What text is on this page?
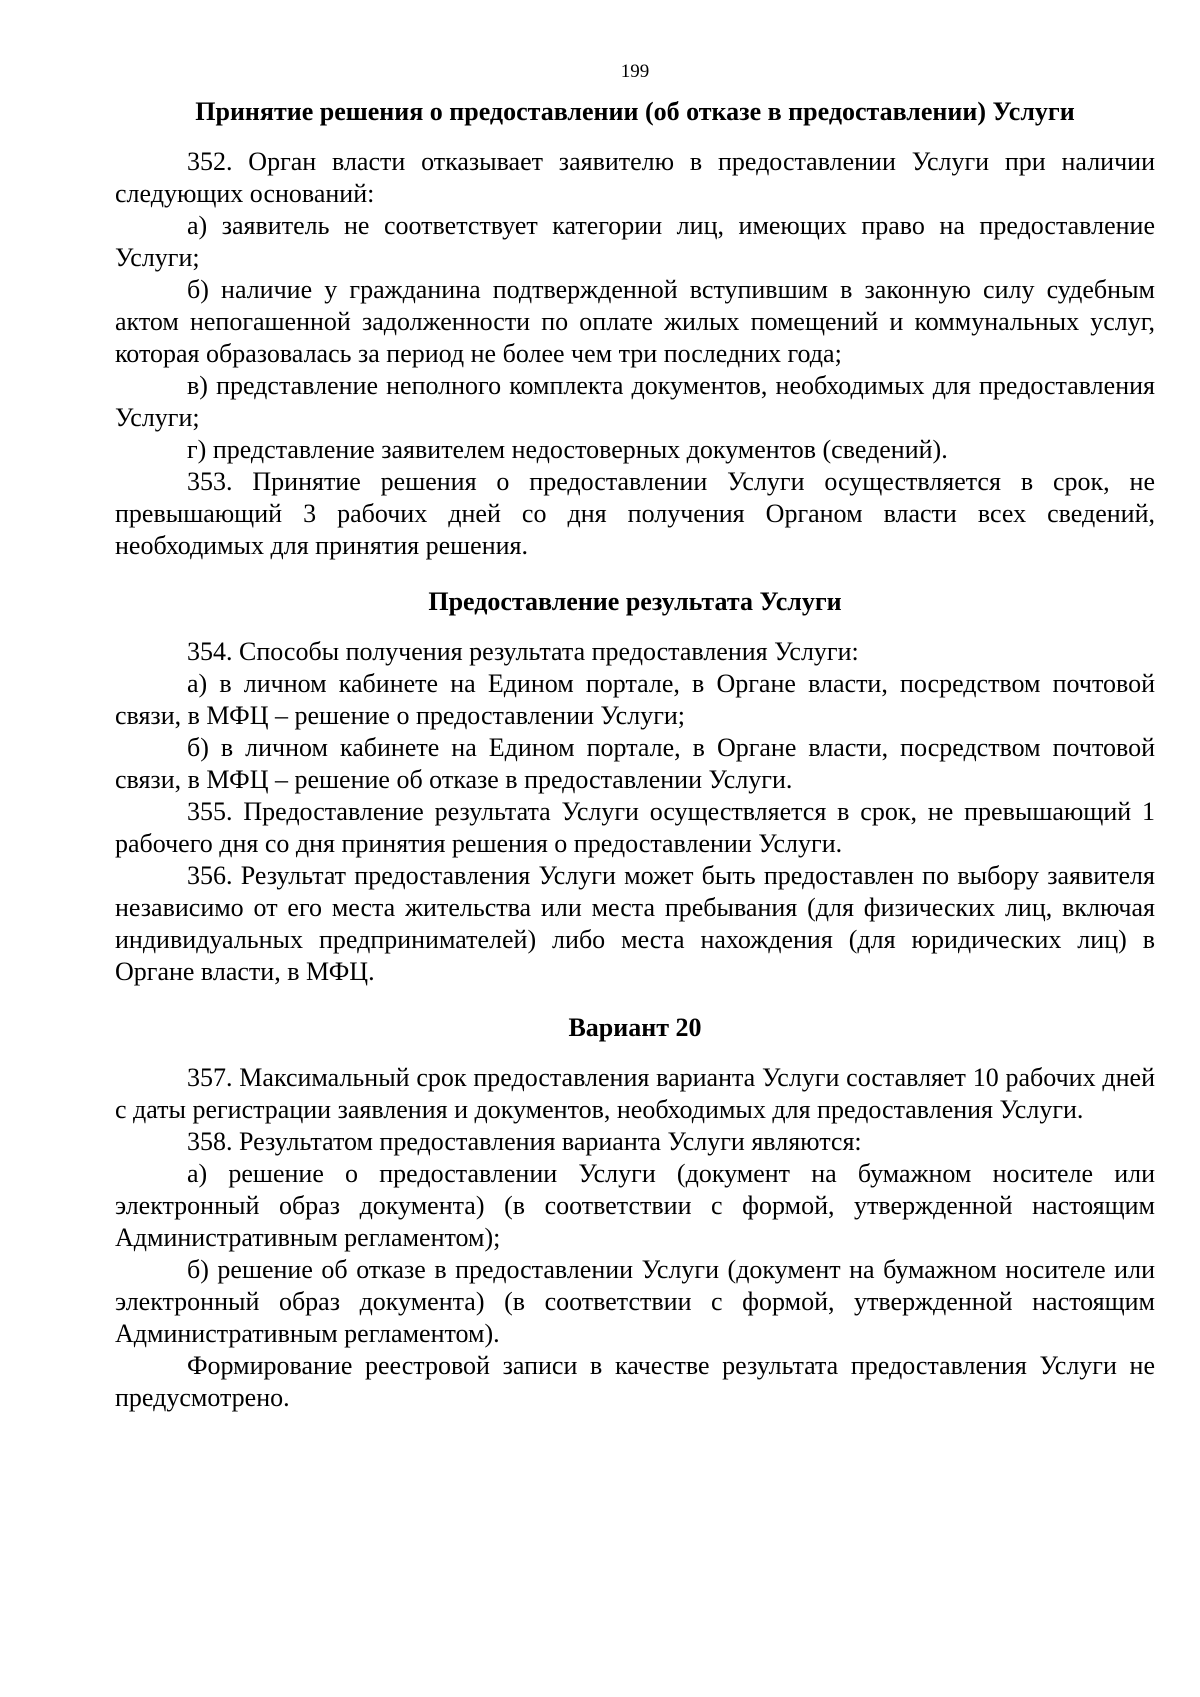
199
Принятие решения о предоставлении (об отказе в предоставлении) Услуги

352. Орган власти отказывает заявителю в предоставлении Услуги при наличии следующих оснований:

а) заявитель не соответствует категории лиц, имеющих право на предоставление Услуги;

б) наличие у гражданина подтвержденной вступившим в законную силу судебным актом непогашенной задолженности по оплате жилых помещений и коммунальных услуг, которая образовалась за период не более чем три последних года;

в) представление неполного комплекта документов, необходимых для предоставления Услуги;

г) представление заявителем недостоверных документов (сведений).

353. Принятие решения о предоставлении Услуги осуществляется в срок, не превышающий 3 рабочих дней со дня получения Органом власти всех сведений, необходимых для принятия решения.

Предоставление результата Услуги

354. Способы получения результата предоставления Услуги:

а) в личном кабинете на Едином портале, в Органе власти, посредством почтовой связи, в МФЦ – решение о предоставлении Услуги;

б) в личном кабинете на Едином портале, в Органе власти, посредством почтовой связи, в МФЦ – решение об отказе в предоставлении Услуги.

355. Предоставление результата Услуги осуществляется в срок, не превышающий 1 рабочего дня со дня принятия решения о предоставлении Услуги.

356. Результат предоставления Услуги может быть предоставлен по выбору заявителя независимо от его места жительства или места пребывания (для физических лиц, включая индивидуальных предпринимателей) либо места нахождения (для юридических лиц) в Органе власти, в МФЦ.

Вариант 20

357. Максимальный срок предоставления варианта Услуги составляет 10 рабочих дней с даты регистрации заявления и документов, необходимых для предоставления Услуги.

358. Результатом предоставления варианта Услуги являются:

а) решение о предоставлении Услуги (документ на бумажном носителе или электронный образ документа) (в соответствии с формой, утвержденной настоящим Административным регламентом);

б) решение об отказе в предоставлении Услуги (документ на бумажном носителе или электронный образ документа) (в соответствии с формой, утвержденной настоящим Административным регламентом).

Формирование реестровой записи в качестве результата предоставления Услуги не предусмотрено.
